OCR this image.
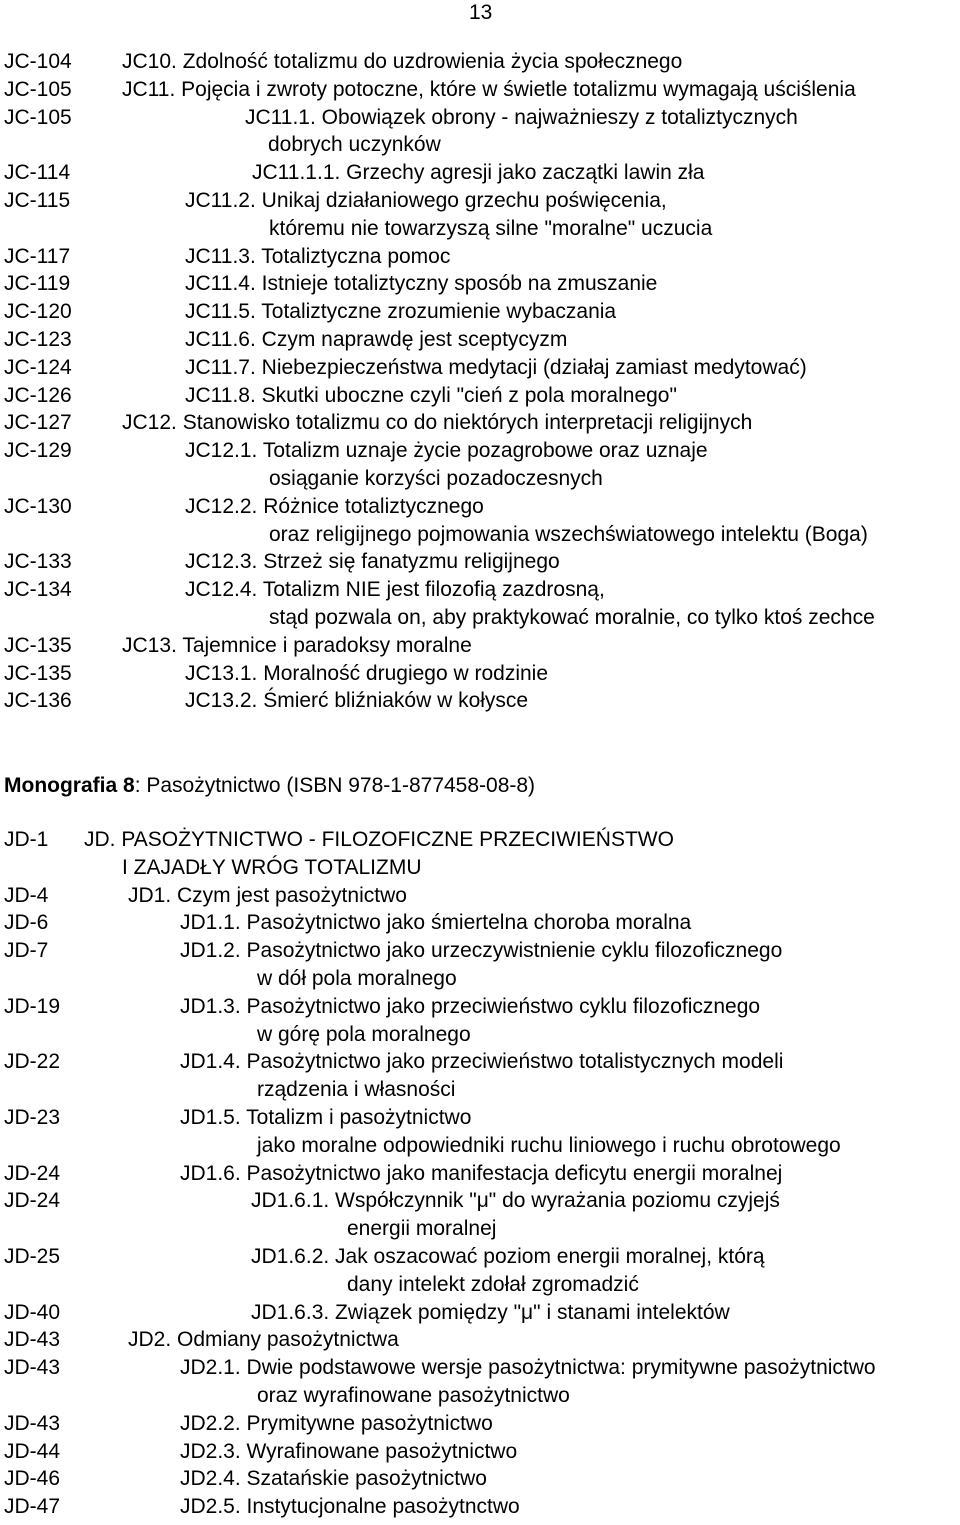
13
JC-104 JC10. Zdolność totalizmu do uzdrowienia życia społecznego
JC-105 JC11. Pojęcia i zwroty potoczne, które w świetle totalizmu wymagają uściślenia
JC-105	JC11.1. Obowiązek obrony - najważnieszy z totaliztycznych
dobrych uczynków
JC-114	JC11.1.1. Grzechy agresji jako zaczątki lawin zła
JC-115	JC11.2. Unikaj działaniowego grzechu poświęcenia,
któremu nie towarzyszą silne "moralne" uczucia
JC-117	JC11.3. Totaliztyczna pomoc
JC-119	JC11.4. Istnieje totaliztyczny sposób na zmuszanie
JC-120	JC11.5. Totaliztyczne zrozumienie wybaczania
JC-123	JC11.6. Czym naprawdę jest sceptycyzm
JC-124	JC11.7. Niebezpieczeństwa medytacji (działaj zamiast medytować)
JC-126	JC11.8. Skutki uboczne czyli "cień z pola moralnego"
JC-127 JC12. Stanowisko totalizmu co do niektórych interpretacji religijnych
JC-129	JC12.1. Totalizm uznaje życie pozagrobowe oraz uznaje
osiąganie korzyści pozadoczesnych
JC-130	JC12.2. Różnice totaliztycznego
oraz religijnego pojmowania wszechświatowego intelektu (Boga)
JC-133	JC12.3. Strzeż się fanatyzmu religijnego
JC-134	JC12.4. Totalizm NIE jest filozofią zazdrosną,
stąd pozwala on, aby praktykować moralnie, co tylko ktoś zechce
JC-135 JC13. Tajemnice i paradoksy moralne
JC-135	JC13.1. Moralność drugiego w rodzinie
JC-136	JC13.2. Śmierć bliźniaków w kołysce
Monografia 8: Pasożytnictwo (ISBN 978-1-877458-08-8)
JD-1 JD. PASOŻYTNICTWO - FILOZOFICZNE PRZECIWIEŃSTWO
I ZAJADŁY WRÓG TOTALIZMU
JD-4	JD1. Czym jest pasożytnictwo
JD-6	JD1.1. Pasożytnictwo jako śmiertelna choroba moralna
JD-7	JD1.2. Pasożytnictwo jako urzeczywistnienie cyklu filozoficznego
w dół pola moralnego
JD-19	JD1.3. Pasożytnictwo jako przeciwieństwo cyklu filozoficznego
w górę pola moralnego
JD-22	JD1.4. Pasożytnictwo jako przeciwieństwo totalistycznych modeli
rządzenia i własności
JD-23	JD1.5. Totalizm i pasożytnictwo
jako moralne odpowiedniki ruchu liniowego i ruchu obrotowego
JD-24	JD1.6. Pasożytnictwo jako manifestacja deficytu energii moralnej
JD-24	JD1.6.1. Współczynnik "μ" do wyrażania poziomu czyjejś
energii moralnej
JD-25	JD1.6.2. Jak oszacować poziom energii moralnej, którą
dany intelekt zdołał zgromadzić
JD-40	JD1.6.3. Związek pomiędzy "μ" i stanami intelektów
JD-43	JD2. Odmiany pasożytnictwa
JD-43	JD2.1. Dwie podstawowe wersje pasożytnictwa: prymitywne pasożytnictwo
oraz wyrafinowane pasożytnictwo
JD-43	JD2.2. Prymitywne pasożytnictwo
JD-44	JD2.3. Wyrafinowane pasożytnictwo
JD-46	JD2.4. Szatańskie pasożytnictwo
JD-47	JD2.5. Instytucjonalne pasożytnctwo
